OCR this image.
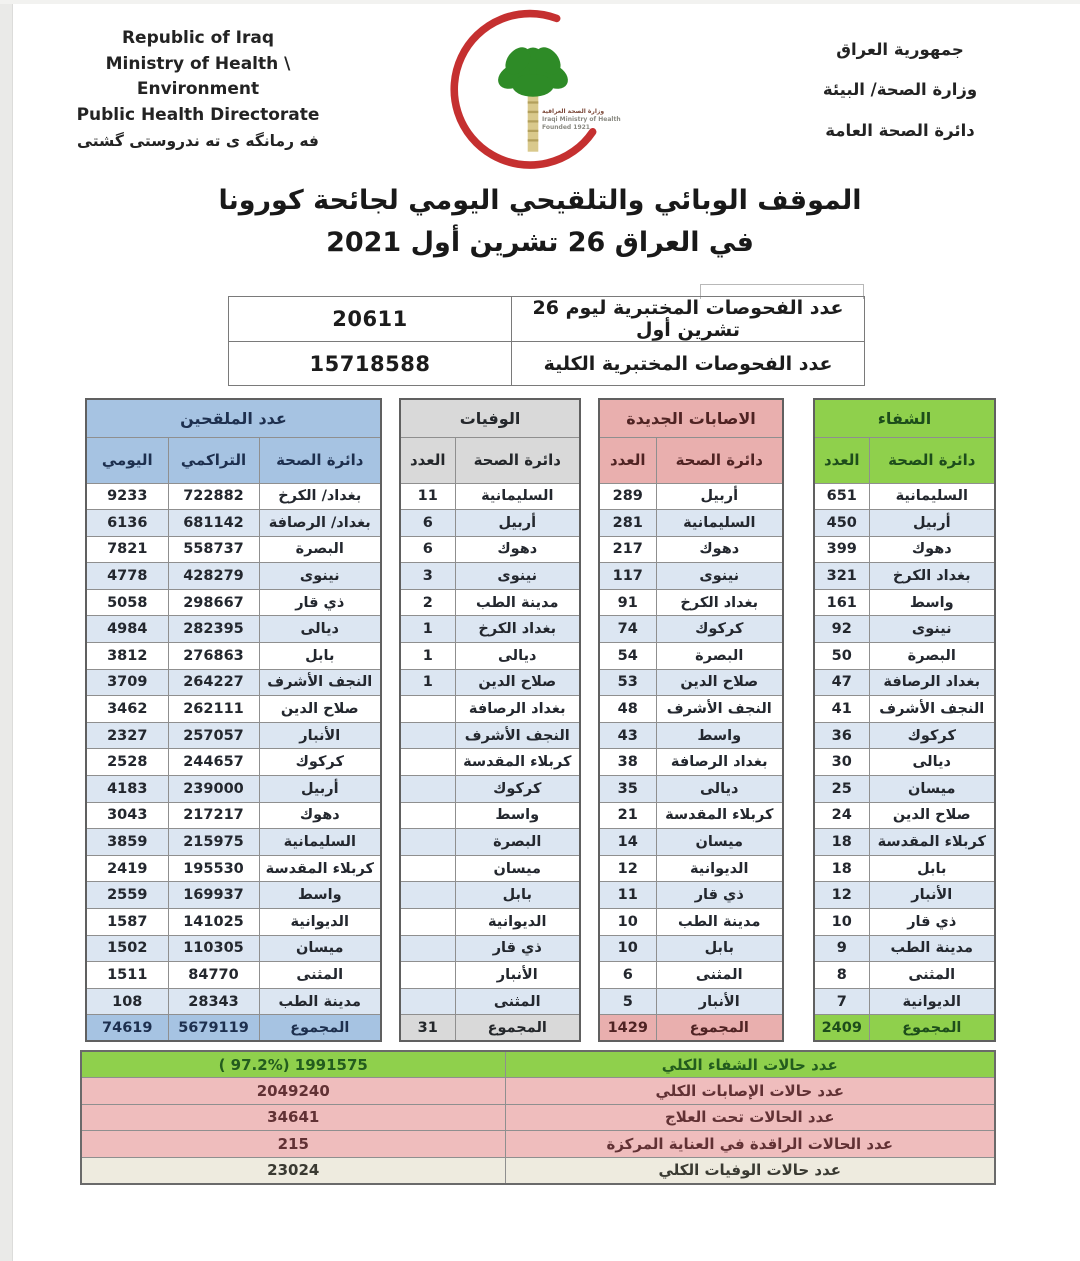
Republic of Iraq
Ministry of Health \ Environment
Public Health Directorate
فه رمانگه ی ته ندروستی گشتی
وزارة الصحة العراقية
Iraqi Ministry of Health
Founded 1921
جمهورية العراق
وزارة الصحة/ البيئة
دائرة الصحة العامة
الموقف الوبائي والتلقيحي اليومي لجائحة كورونا
في العراق 26 تشرين أول 2021
20611	عدد الفحوصات المختبرية ليوم 26 تشرين أول
15718588	عدد الفحوصات المختبرية الكلية
عدد الملقحين		
اليومي	التراكمي	دائرة الصحة
9233	722882	بغداد/ الكرخ
6136	681142	بغداد/ الرصافة
7821	558737	البصرة
4778	428279	نينوى
5058	298667	ذي قار
4984	282395	ديالى
3812	276863	بابل
3709	264227	النجف الأشرف
3462	262111	صلاح الدين
2327	257057	الأنبار
2528	244657	كركوك
4183	239000	أربيل
3043	217217	دهوك
3859	215975	السليمانية
2419	195530	كربلاء المقدسة
2559	169937	واسط
1587	141025	الديوانية
1502	110305	ميسان
1511	84770	المثنى
108	28343	مدينة الطب
74619	5679119	المجموع
الوفيات	
العدد	دائرة الصحة
11	السليمانية
6	أربيل
6	دهوك
3	نينوى
2	مدينة الطب
1	بغداد الكرخ
1	ديالى
1	صلاح الدين
	بغداد الرصافة
	النجف الأشرف
	كربلاء المقدسة
	كركوك
	واسط
	البصرة
	ميسان
	بابل
	الديوانية
	ذي قار
	الأنبار
	المثنى
31	المجموع
الاصابات الجديدة	
العدد	دائرة الصحة
289	أربيل
281	السليمانية
217	دهوك
117	نينوى
91	بغداد الكرخ
74	كركوك
54	البصرة
53	صلاح الدين
48	النجف الأشرف
43	واسط
38	بغداد الرصافة
35	ديالى
21	كربلاء المقدسة
14	ميسان
12	الديوانية
11	ذي قار
10	مدينة الطب
10	بابل
6	المثنى
5	الأنبار
1429	المجموع
الشفاء	
العدد	دائرة الصحة
651	السليمانية
450	أربيل
399	دهوك
321	بغداد الكرخ
161	واسط
92	نينوى
50	البصرة
47	بغداد الرصافة
41	النجف الأشرف
36	كركوك
30	ديالى
25	ميسان
24	صلاح الدين
18	كربلاء المقدسة
18	بابل
12	الأنبار
10	ذي قار
9	مدينة الطب
8	المثنى
7	الديوانية
2409	المجموع
( 97.2%) 1991575	عدد حالات الشفاء الكلي
2049240	عدد حالات الإصابات الكلي
34641	عدد الحالات تحت العلاج
215	عدد الحالات الراقدة في العناية المركزة
23024	عدد حالات الوفيات الكلي
